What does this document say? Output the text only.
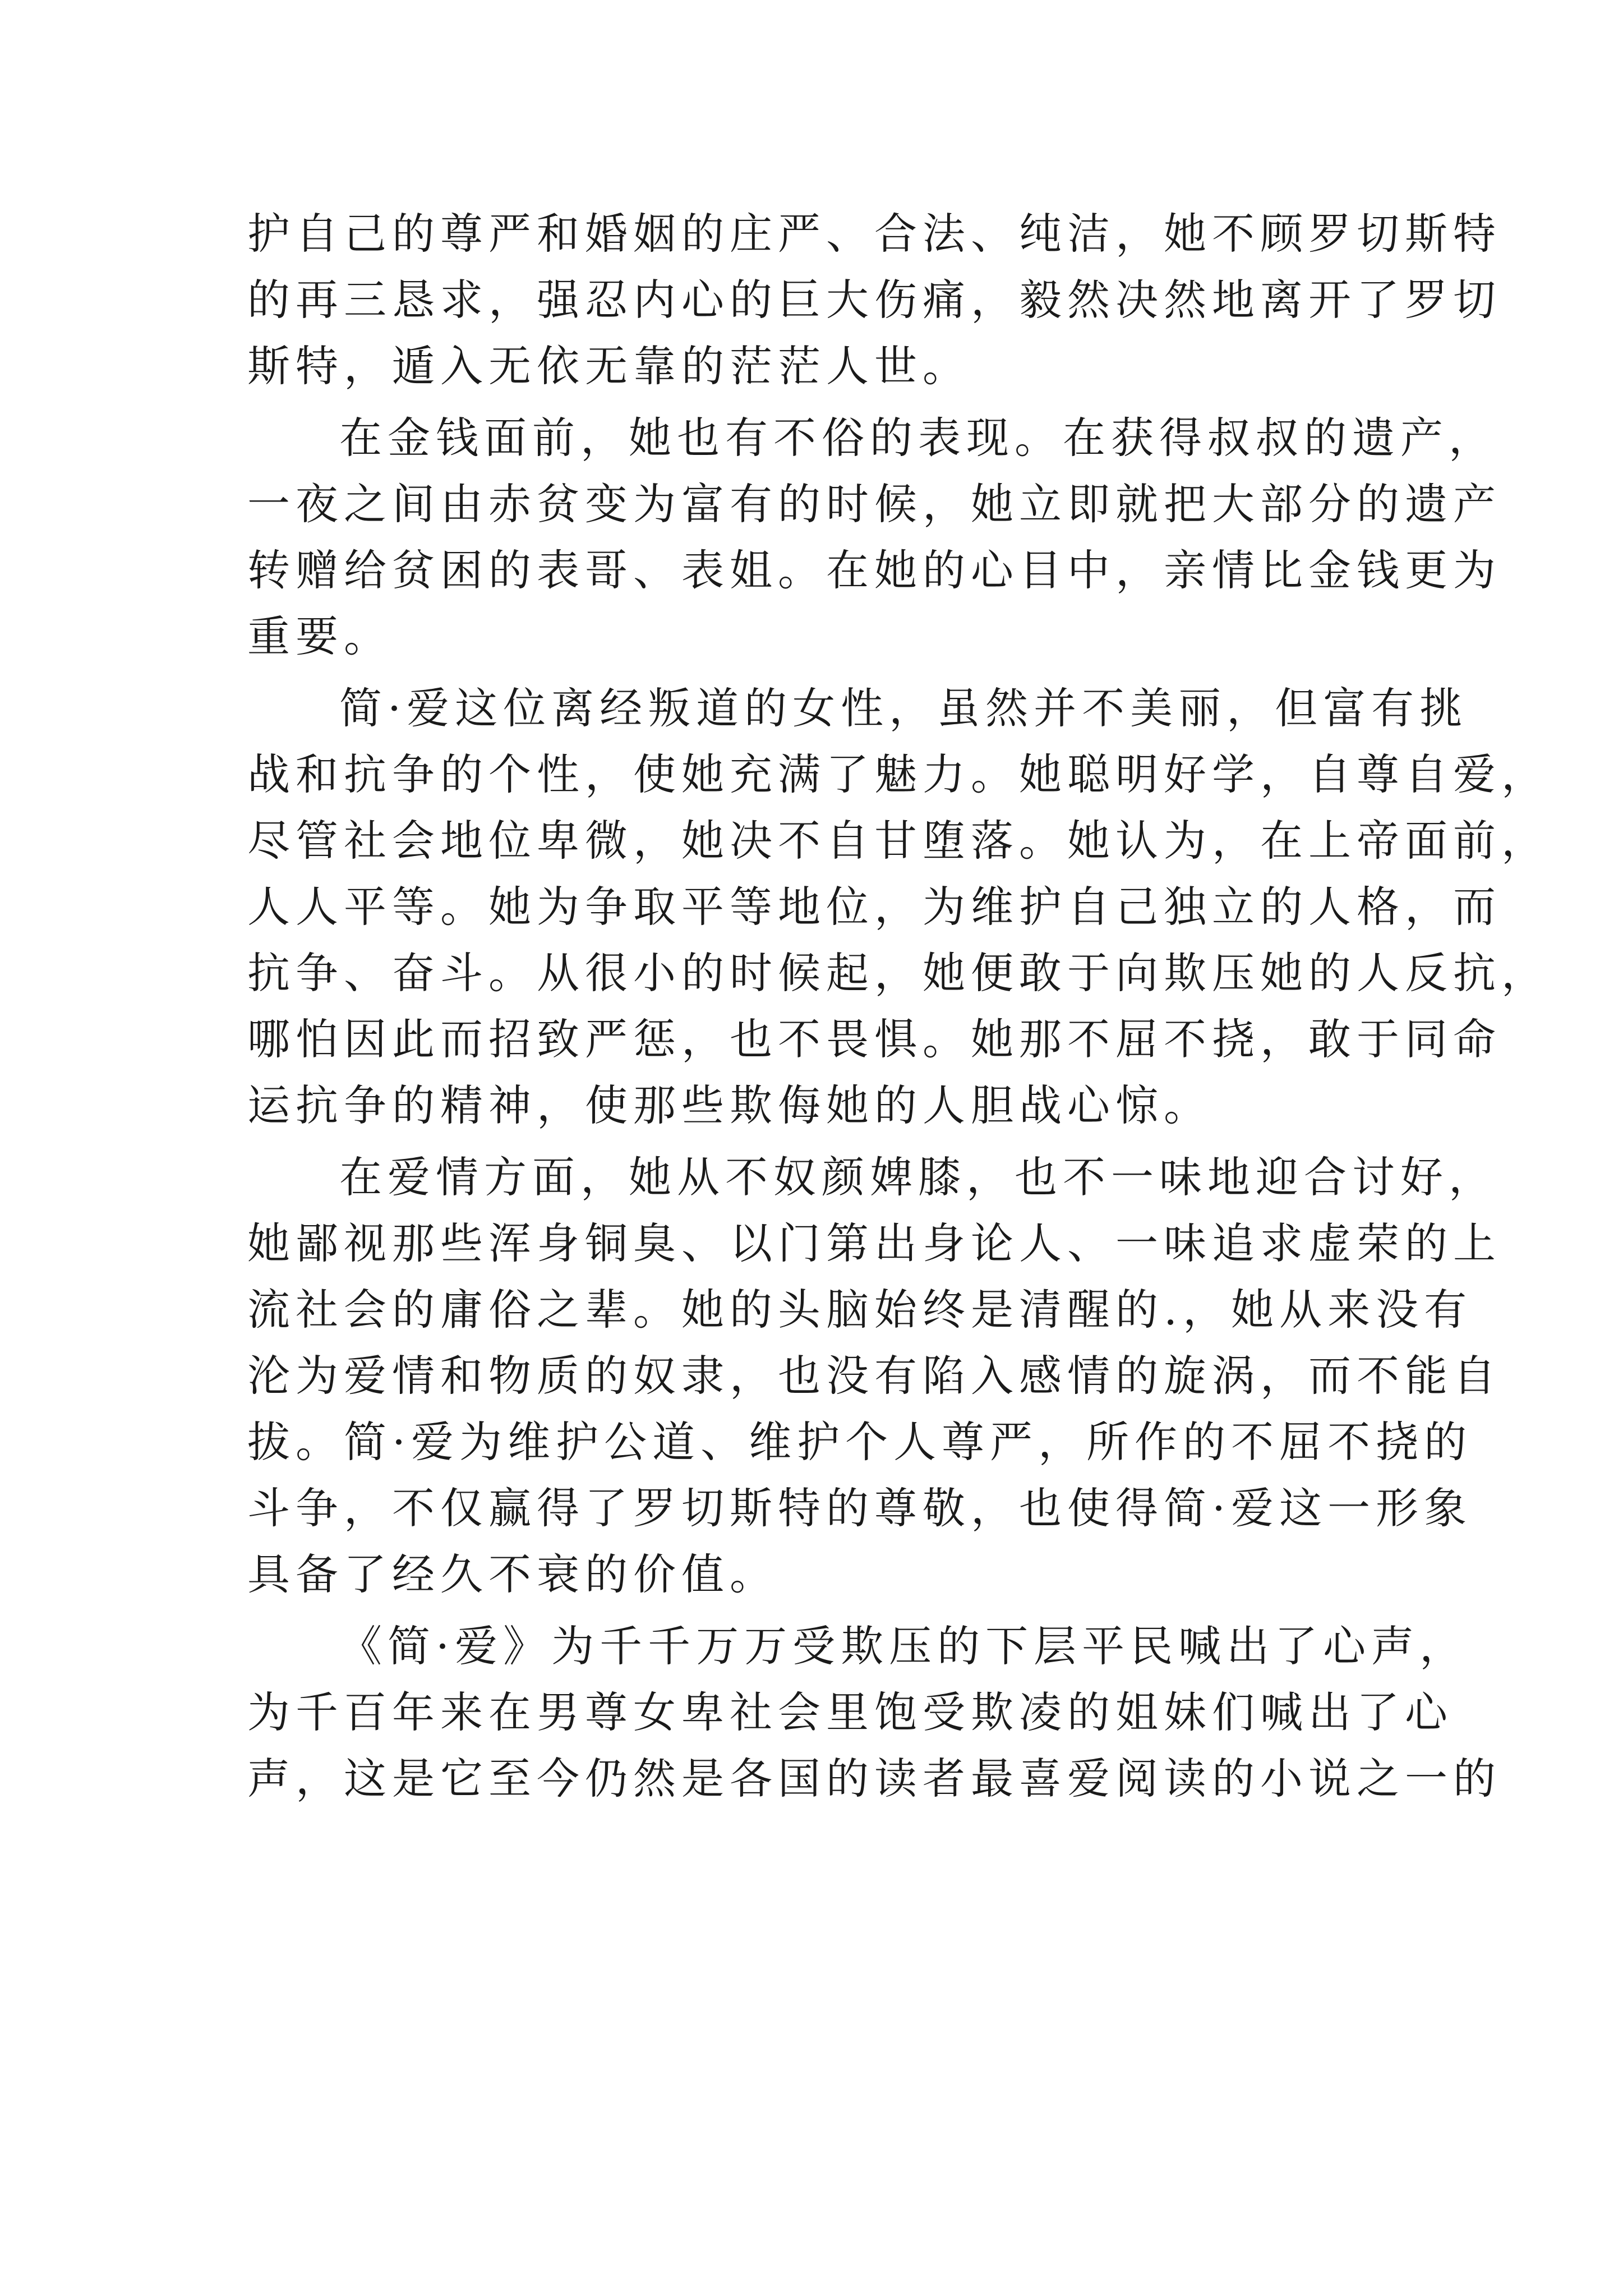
护自己的尊严和婚姻的庄严、合法、纯洁，她不顾罗切斯特
的再三恳求，强忍内心的巨大伤痛，毅然决然地离开了罗切
斯特，遁入无依无靠的茫茫人世。
在金钱面前，她也有不俗的表现。在获得叔叔的遗产，
一夜之间由赤贫变为富有的时候，她立即就把大部分的遗产
转赠给贫困的表哥、表姐。在她的心目中，亲情比金钱更为
重要。
简·爱这位离经叛道的女性，虽然并不美丽，但富有挑
战和抗争的个性，使她充满了魅力。她聪明好学，自尊自爱，
尽管社会地位卑微，她决不自甘堕落。她认为，在上帝面前，
人人平等。她为争取平等地位，为维护自己独立的人格，而
抗争、奋斗。从很小的时候起，她便敢于向欺压她的人反抗，
哪怕因此而招致严惩，也不畏惧。她那不屈不挠，敢于同命
运抗争的精神，使那些欺侮她的人胆战心惊。
在爱情方面，她从不奴颜婢膝，也不一味地迎合讨好，
她鄙视那些浑身铜臭、以门第出身论人、一味追求虚荣的上
流社会的庸俗之辈。她的头脑始终是清醒的.，她从来没有
沦为爱情和物质的奴隶，也没有陷入感情的旋涡，而不能自
拔。简·爱为维护公道、维护个人尊严，所作的不屈不挠的
斗争，不仅赢得了罗切斯特的尊敬，也使得简·爱这一形象
具备了经久不衰的价值。
《简·爱》为千千万万受欺压的下层平民喊出了心声，
为千百年来在男尊女卑社会里饱受欺凌的姐妹们喊出了心
声，这是它至今仍然是各国的读者最喜爱阅读的小说之一的
